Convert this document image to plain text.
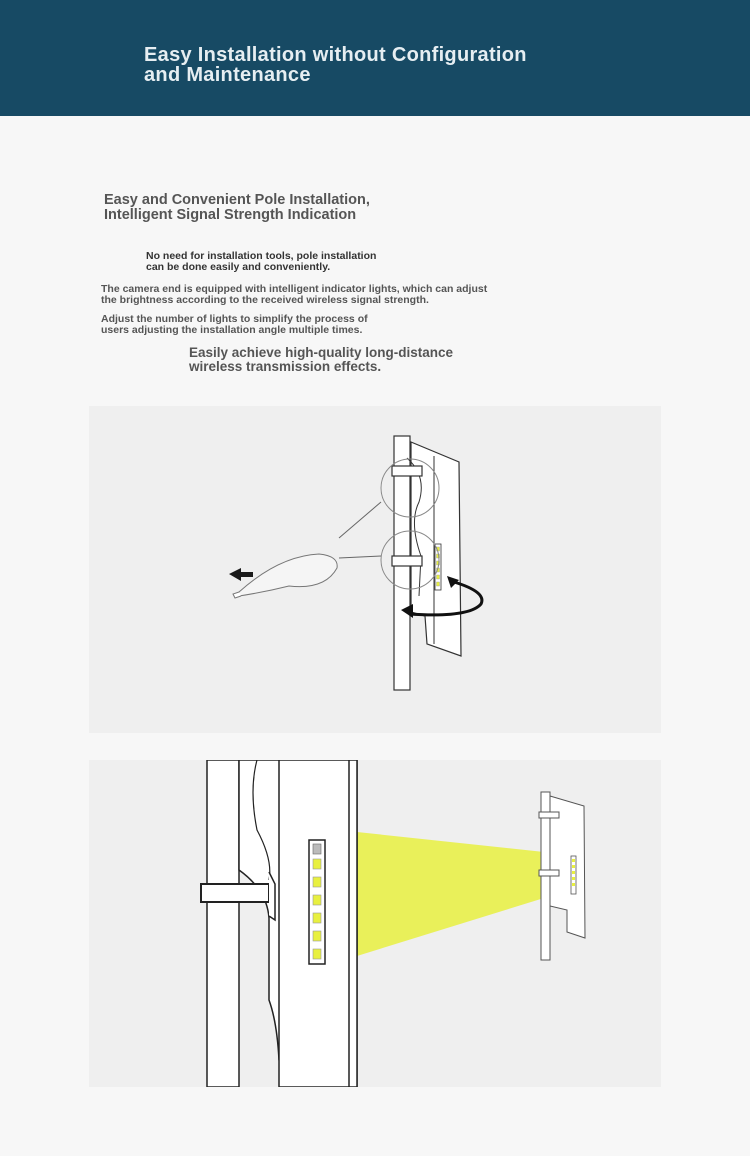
Easy Installation without Configuration
and Maintenance
Easy and Convenient Pole Installation,
Intelligent Signal Strength Indication
No need for installation tools, pole installation
can be done easily and conveniently.
The camera end is equipped with intelligent indicator lights, which can adjust
the brightness according to the received wireless signal strength.
Adjust the number of lights to simplify the process of
users adjusting the installation angle multiple times.
Easily achieve high-quality long-distance
wireless transmission effects.
